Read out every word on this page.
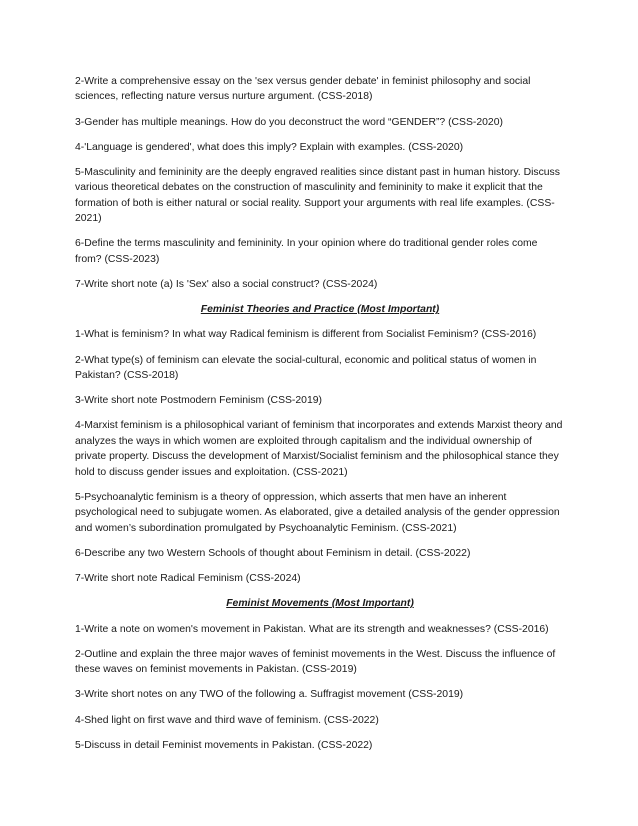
2-Write a comprehensive essay on the 'sex versus gender debate' in feminist philosophy and social sciences, reflecting nature versus nurture argument. (CSS-2018)

3-Gender has multiple meanings. How do you deconstruct the word “GENDER”? (CSS-2020)

4-'Language is gendered', what does this imply? Explain with examples. (CSS-2020)

5-Masculinity and femininity are the deeply engraved realities since distant past in human history. Discuss various theoretical debates on the construction of masculinity and femininity to make it explicit that the formation of both is either natural or social reality. Support your arguments with real life examples. (CSS-2021)

6-Define the terms masculinity and femininity. In your opinion where do traditional gender roles come from? (CSS-2023)

7-Write short note (a) Is 'Sex' also a social construct? (CSS-2024)

Feminist Theories and Practice (Most Important)

1-What is feminism? In what way Radical feminism is different from Socialist Feminism? (CSS-2016)

2-What type(s) of feminism can elevate the social-cultural, economic and political status of women in Pakistan? (CSS-2018)

3-Write short note Postmodern Feminism (CSS-2019)

4-Marxist feminism is a philosophical variant of feminism that incorporates and extends Marxist theory and analyzes the ways in which women are exploited through capitalism and the individual ownership of private property. Discuss the development of Marxist/Socialist feminism and the philosophical stance they hold to discuss gender issues and exploitation. (CSS-2021)

5-Psychoanalytic feminism is a theory of oppression, which asserts that men have an inherent psychological need to subjugate women. As elaborated, give a detailed analysis of the gender oppression and women’s subordination promulgated by Psychoanalytic Feminism. (CSS-2021)

6-Describe any two Western Schools of thought about Feminism in detail. (CSS-2022)

7-Write short note Radical Feminism (CSS-2024)

Feminist Movements (Most Important)

1-Write a note on women's movement in Pakistan. What are its strength and weaknesses? (CSS-2016)

2-Outline and explain the three major waves of feminist movements in the West. Discuss the influence of these waves on feminist movements in Pakistan. (CSS-2019)

3-Write short notes on any TWO of the following a. Suffragist movement (CSS-2019)

4-Shed light on first wave and third wave of feminism. (CSS-2022)

5-Discuss in detail Feminist movements in Pakistan. (CSS-2022)
